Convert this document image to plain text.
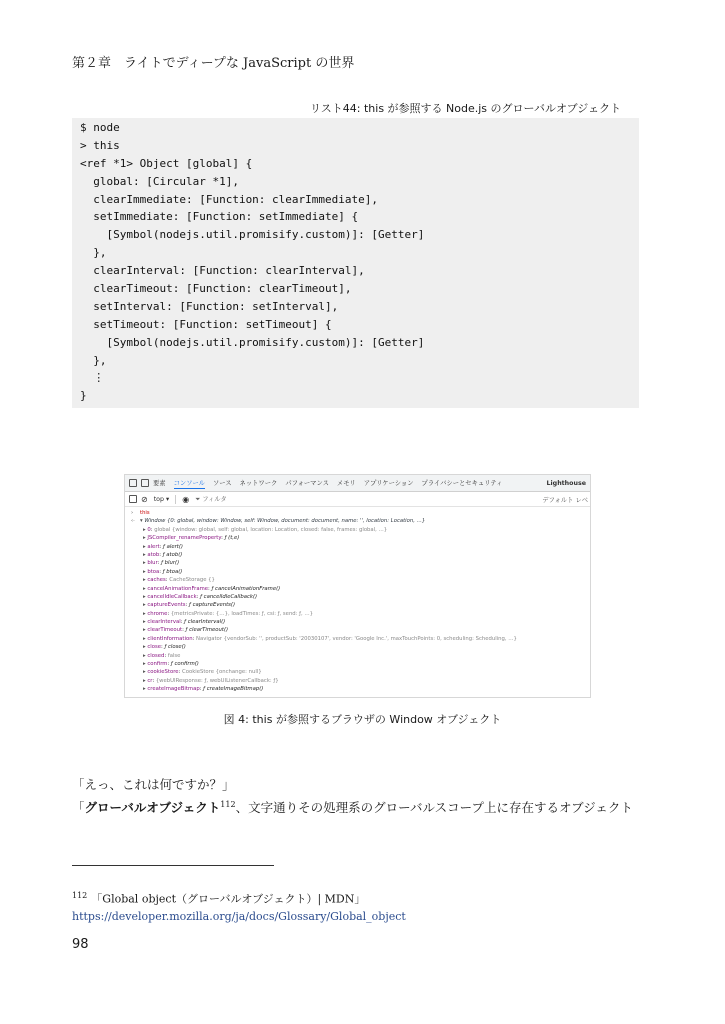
第２章　ライトでディープな JavaScript の世界
リスト44: this が参照する Node.js のグローバルオブジェクト
$ node
> this
<ref *1> Object [global] {
global: [Circular *1],
clearImmediate: [Function: clearImmediate],
setImmediate: [Function: setImmediate] {
[Symbol(nodejs.util.promisify.custom)]: [Getter]
},
clearInterval: [Function: clearInterval],
clearTimeout: [Function: clearTimeout],
setInterval: [Function: setInterval],
setTimeout: [Function: setTimeout] {
[Symbol(nodejs.util.promisify.custom)]: [Getter]
},
⋮
}
要素 コンソール ソース ネットワーク パフォーマンス メモリ アプリケーション プライバシーとセキュリティ	Lighthouse
⊘ top ▾ ◉ ⏷ フィルタ	デフォルト レベ
› this
‹· ▾ Window {0: global, window: Window, self: Window, document: document, name: '', location: Location, …}
▸ 0: global {window: global, self: global, location: Location, closed: false, frames: global, …}
▸ JSCompiler_renameProperty: ƒ (t,e)
▸ alert: ƒ alert()
▸ atob: ƒ atob()
▸ blur: ƒ blur()
▸ btoa: ƒ btoa()
▸ caches: CacheStorage {}
▸ cancelAnimationFrame: ƒ cancelAnimationFrame()
▸ cancelIdleCallback: ƒ cancelIdleCallback()
▸ captureEvents: ƒ captureEvents()
▸ chrome: {metricsPrivate: {…}, loadTimes: ƒ, csi: ƒ, send: ƒ, …}
▸ clearInterval: ƒ clearInterval()
▸ clearTimeout: ƒ clearTimeout()
▸ clientInformation: Navigator {vendorSub: '', productSub: '20030107', vendor: 'Google Inc.', maxTouchPoints: 0, scheduling: Scheduling, …}
▸ close: ƒ close()
▸ closed: false
▸ confirm: ƒ confirm()
▸ cookieStore: CookieStore {onchange: null}
▸ cr: {webUIResponse: ƒ, webUIListenerCallback: ƒ}
▸ createImageBitmap: ƒ createImageBitmap()
図 4: this が参照するブラウザの Window オブジェクト
「えっ、これは何ですか？」
「グローバルオブジェクト$^{112}$、文字通りその処理系のグローバルスコープ上に存在するオブジェクト
$^{112}$ 「Global object（グローバルオブジェクト）| MDN」
https://developer.mozilla.org/ja/docs/Glossary/Global_object
98
